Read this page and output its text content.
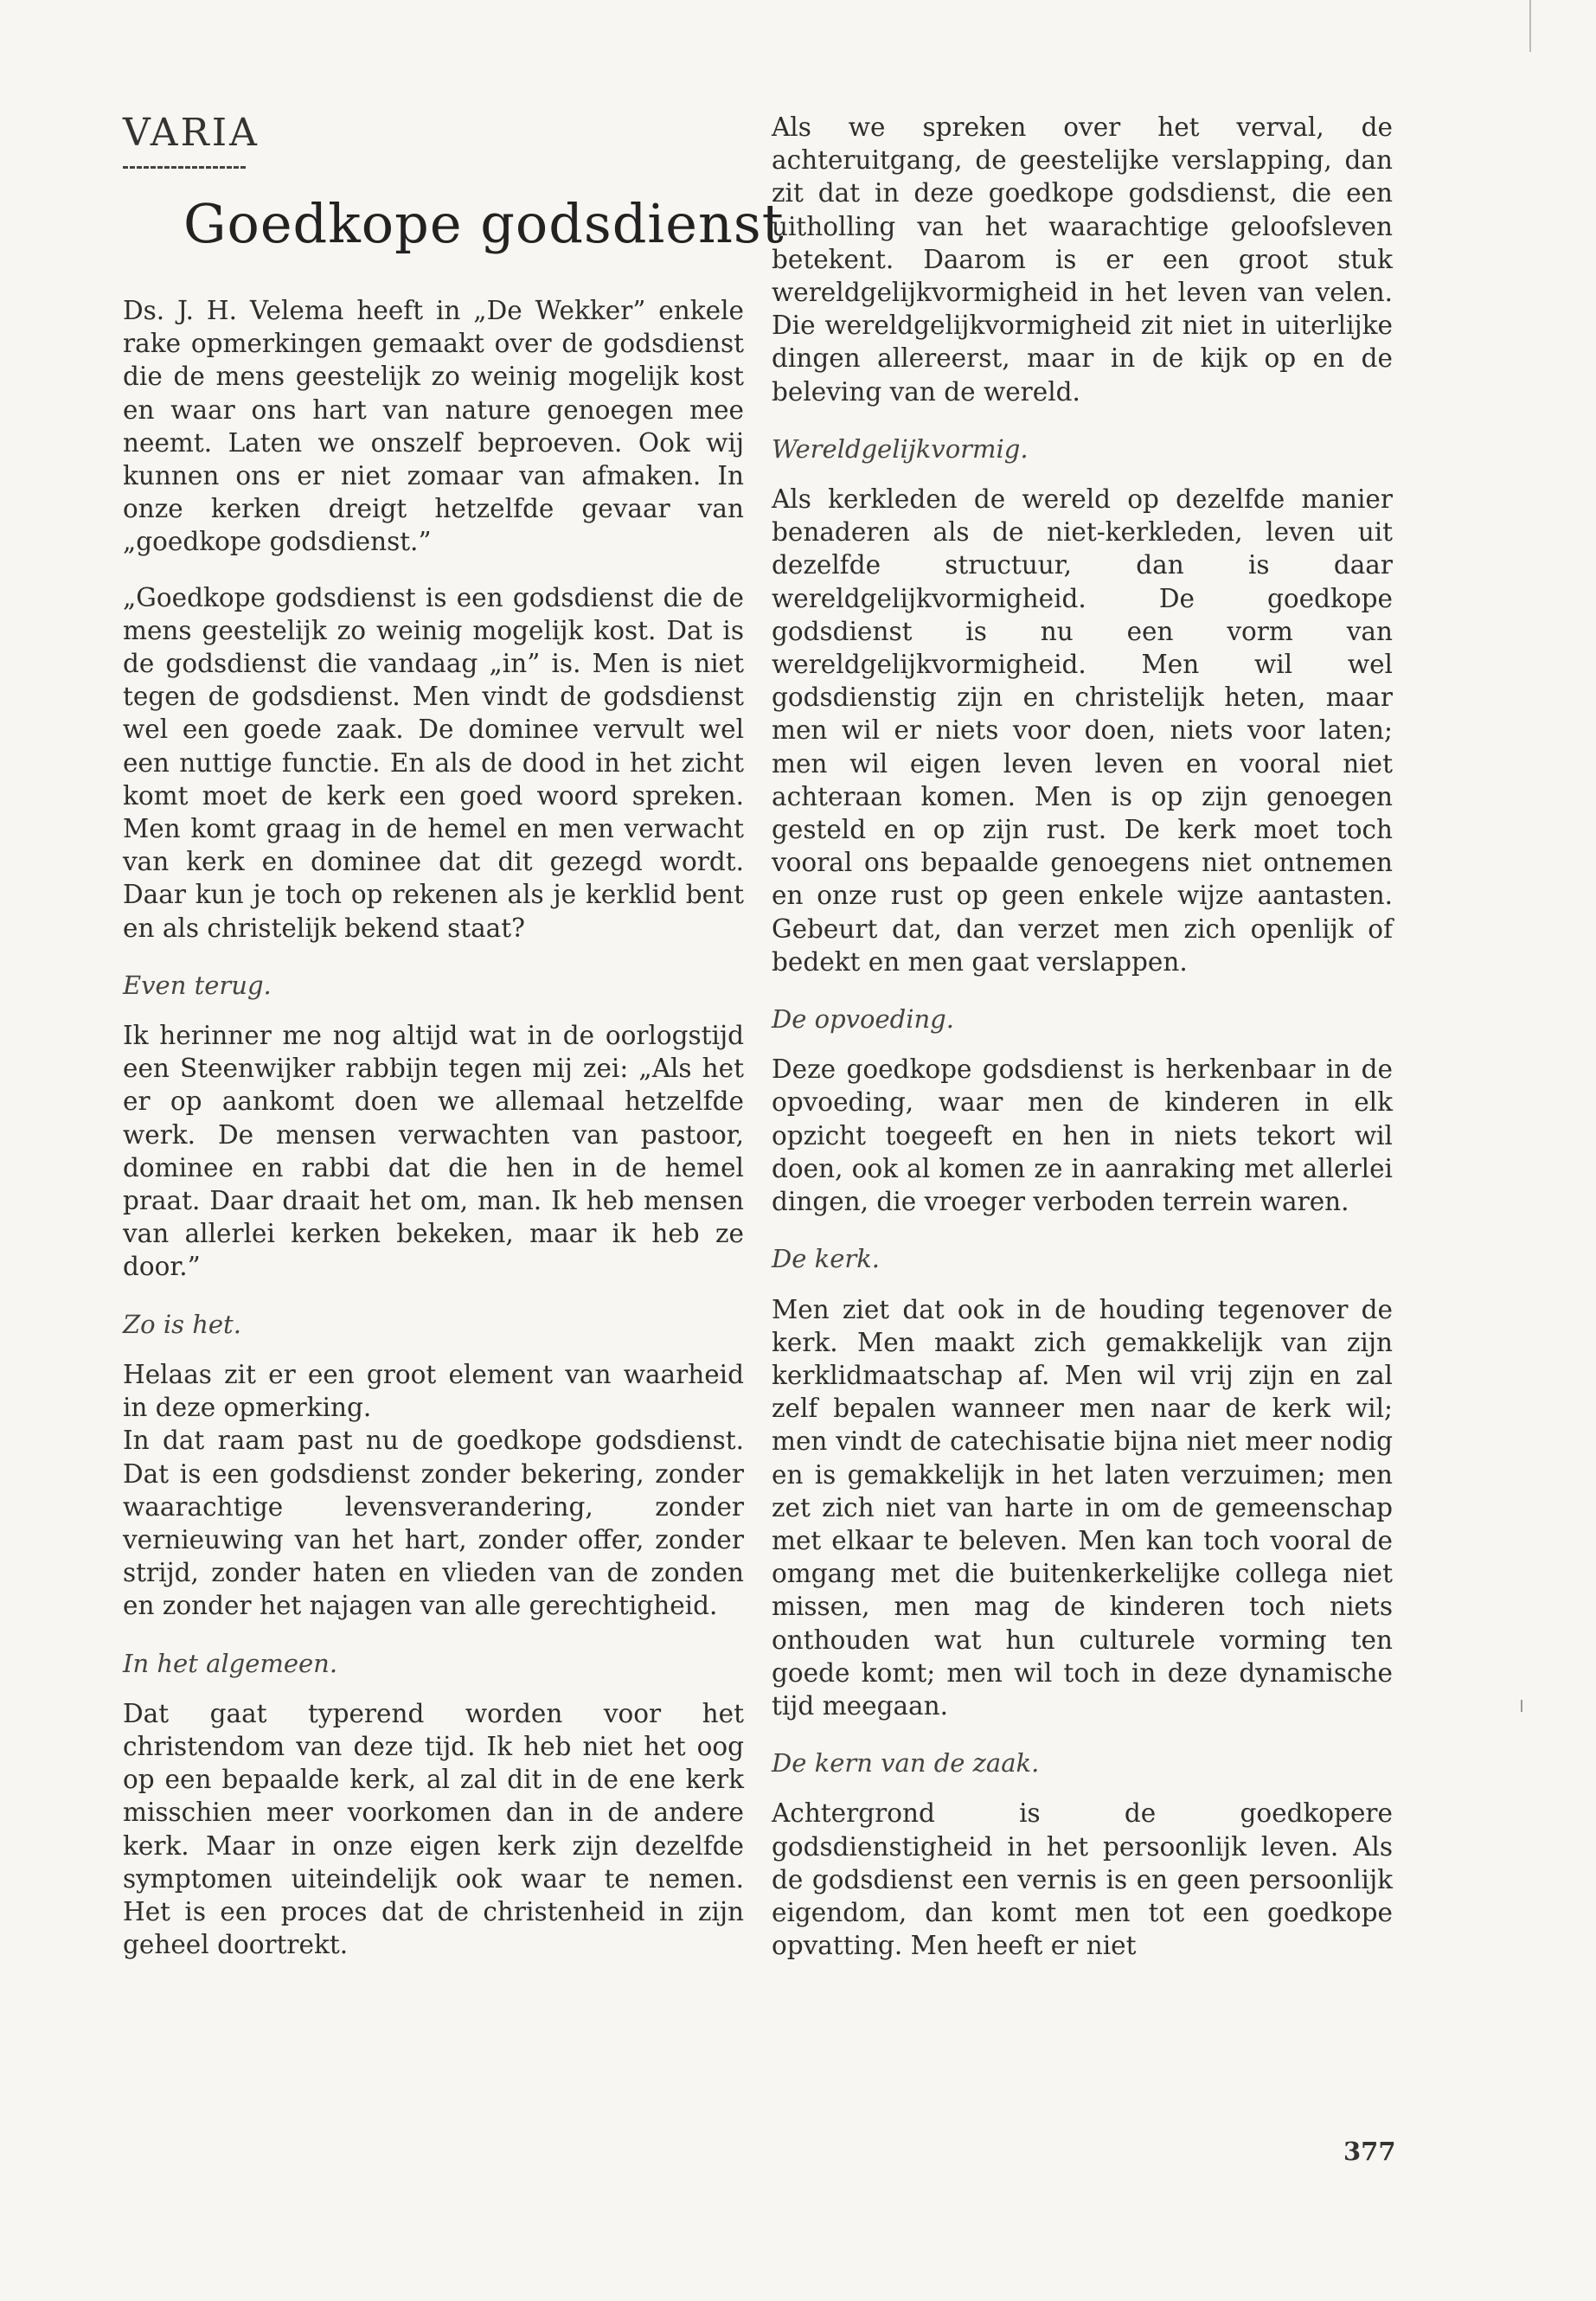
VARIA
Goedkope godsdienst

Ds. J. H. Velema heeft in „De Wekker” enkele rake opmerkingen gemaakt over de godsdienst die de mens geestelijk zo weinig mogelijk kost en waar ons hart van nature genoegen mee neemt. Laten we onszelf beproeven. Ook wij kunnen ons er niet zomaar van afmaken. In onze kerken dreigt hetzelfde gevaar van „goedkope godsdienst.”

„Goedkope godsdienst is een godsdienst die de mens geestelijk zo weinig mogelijk kost. Dat is de godsdienst die vandaag „in” is. Men is niet tegen de godsdienst. Men vindt de godsdienst wel een goede zaak. De dominee vervult wel een nuttige functie. En als de dood in het zicht komt moet de kerk een goed woord spreken. Men komt graag in de hemel en men verwacht van kerk en dominee dat dit gezegd wordt. Daar kun je toch op rekenen als je kerklid bent en als christelijk bekend staat?

Even terug.

Ik herinner me nog altijd wat in de oorlogstijd een Steenwijker rabbijn tegen mij zei: „Als het er op aankomt doen we allemaal hetzelfde werk. De mensen verwachten van pastoor, dominee en rabbi dat die hen in de hemel praat. Daar draait het om, man. Ik heb mensen van allerlei kerken bekeken, maar ik heb ze door.”

Zo is het.

Helaas zit er een groot element van waarheid in deze opmerking.

In dat raam past nu de goedkope godsdienst. Dat is een godsdienst zonder bekering, zonder waarachtige levensverandering, zonder vernieuwing van het hart, zonder offer, zonder strijd, zonder haten en vlieden van de zonden en zonder het najagen van alle gerechtigheid.

In het algemeen.

Dat gaat typerend worden voor het christendom van deze tijd. Ik heb niet het oog op een bepaalde kerk, al zal dit in de ene kerk misschien meer voorkomen dan in de andere kerk. Maar in onze eigen kerk zijn dezelfde symptomen uiteindelijk ook waar te nemen. Het is een proces dat de christenheid in zijn geheel doortrekt.

Als we spreken over het verval, de achteruitgang, de geestelijke verslapping, dan zit dat in deze goedkope godsdienst, die een uitholling van het waarachtige geloofsleven betekent. Daarom is er een groot stuk wereldgelijkvormigheid in het leven van velen. Die wereldgelijkvormigheid zit niet in uiterlijke dingen allereerst, maar in de kijk op en de beleving van de wereld.

Wereldgelijkvormig.

Als kerkleden de wereld op dezelfde manier benaderen als de niet-kerkleden, leven uit dezelfde structuur, dan is daar wereldgelijkvormigheid. De goedkope godsdienst is nu een vorm van wereldgelijkvormigheid. Men wil wel godsdienstig zijn en christelijk heten, maar men wil er niets voor doen, niets voor laten; men wil eigen leven leven en vooral niet achteraan komen. Men is op zijn genoegen gesteld en op zijn rust. De kerk moet toch vooral ons bepaalde genoegens niet ontnemen en onze rust op geen enkele wijze aantasten. Gebeurt dat, dan verzet men zich openlijk of bedekt en men gaat verslappen.

De opvoeding.

Deze goedkope godsdienst is herkenbaar in de opvoeding, waar men de kinderen in elk opzicht toegeeft en hen in niets tekort wil doen, ook al komen ze in aanraking met allerlei dingen, die vroeger verboden terrein waren.

De kerk.

Men ziet dat ook in de houding tegenover de kerk. Men maakt zich gemakkelijk van zijn kerklidmaatschap af. Men wil vrij zijn en zal zelf bepalen wanneer men naar de kerk wil; men vindt de catechisatie bijna niet meer nodig en is gemakkelijk in het laten verzuimen; men zet zich niet van harte in om de gemeenschap met elkaar te beleven. Men kan toch vooral de omgang met die buitenkerkelijke collega niet missen, men mag de kinderen toch niets onthouden wat hun culturele vorming ten goede komt; men wil toch in deze dynamische tijd meegaan.

De kern van de zaak.

Achtergrond is de goedkopere godsdienstigheid in het persoonlijk leven. Als de godsdienst een vernis is en geen persoonlijk eigendom, dan komt men tot een goedkope opvatting. Men heeft er niet

377
